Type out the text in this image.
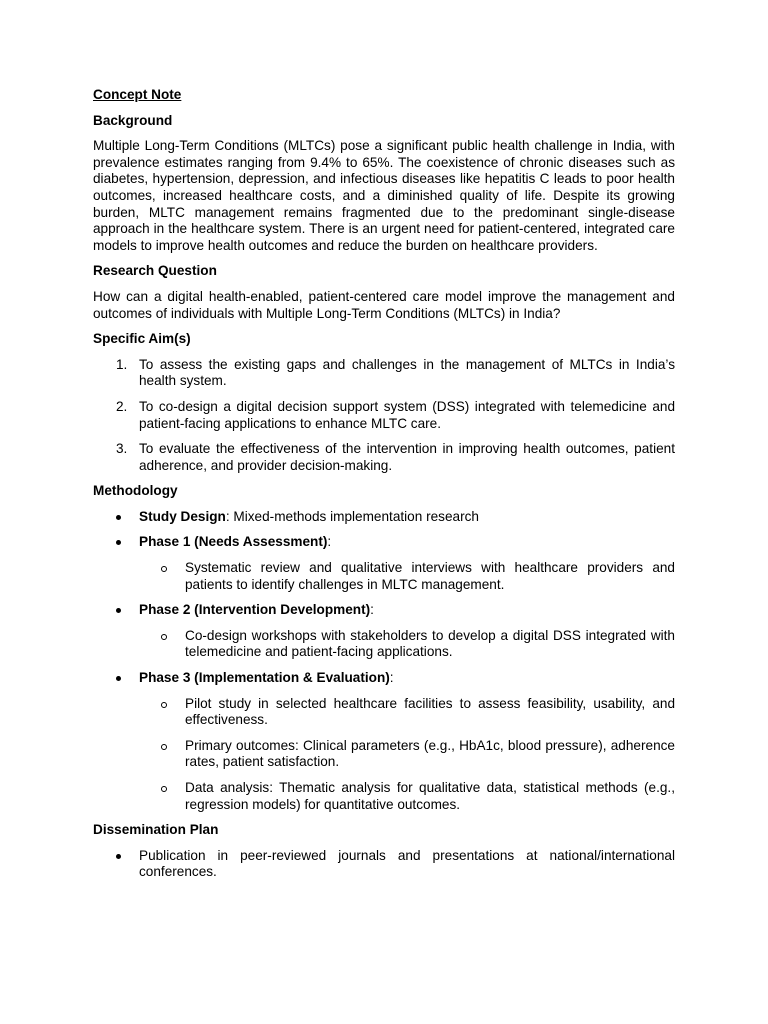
Concept Note
Background

Multiple Long-Term Conditions (MLTCs) pose a significant public health challenge in India, with prevalence estimates ranging from 9.4% to 65%. The coexistence of chronic diseases such as diabetes, hypertension, depression, and infectious diseases like hepatitis C leads to poor health outcomes, increased healthcare costs, and a diminished quality of life. Despite its growing burden, MLTC management remains fragmented due to the predominant single-disease approach in the healthcare system. There is an urgent need for patient-centered, integrated care models to improve health outcomes and reduce the burden on healthcare providers.

Research Question

How can a digital health-enabled, patient-centered care model improve the management and outcomes of individuals with Multiple Long-Term Conditions (MLTCs) in India?

Specific Aim(s)
1. To assess the existing gaps and challenges in the management of MLTCs in India’s health system.
2. To co-design a digital decision support system (DSS) integrated with telemedicine and patient-facing applications to enhance MLTC care.
3. To evaluate the effectiveness of the intervention in improving health outcomes, patient adherence, and provider decision-making.
Methodology
Study Design: Mixed-methods implementation research
Phase 1 (Needs Assessment):
Systematic review and qualitative interviews with healthcare providers and patients to identify challenges in MLTC management.
Phase 2 (Intervention Development):
Co-design workshops with stakeholders to develop a digital DSS integrated with telemedicine and patient-facing applications.
Phase 3 (Implementation & Evaluation):
Pilot study in selected healthcare facilities to assess feasibility, usability, and effectiveness.
Primary outcomes: Clinical parameters (e.g., HbA1c, blood pressure), adherence rates, patient satisfaction.
Data analysis: Thematic analysis for qualitative data, statistical methods (e.g., regression models) for quantitative outcomes.
Dissemination Plan
Publication in peer-reviewed journals and presentations at national/international conferences.
